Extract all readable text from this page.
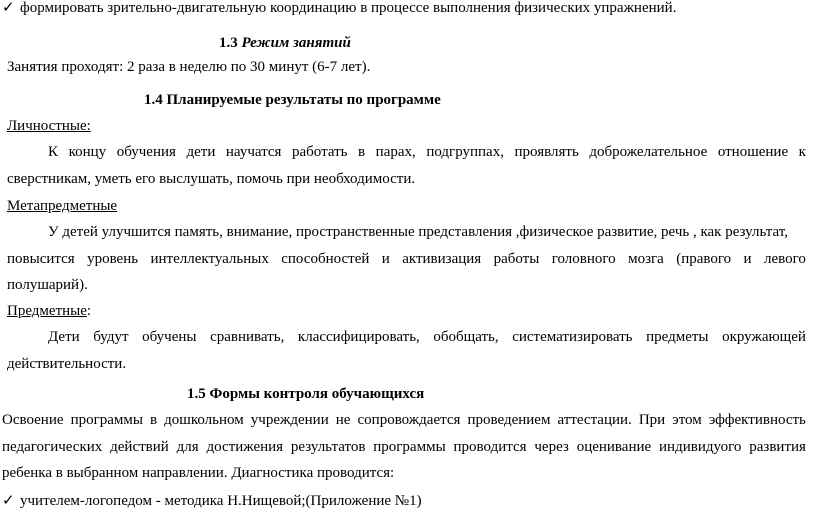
✓ формировать зрительно-двигательную координацию в процессе выполнения физических упражнений.
1.3 Режим занятий
Занятия проходят: 2 раза в неделю по 30 минут (6-7 лет).
1.4 Планируемые результаты по программе
Личностные:
К концу обучения дети научатся работать в парах, подгруппах, проявлять доброжелательное отношение к
сверстникам, уметь его выслушать, помочь при необходимости.
Метапредметные
У детей улучшится память, внимание, пространственные представления ,физическое развитие, речь , как результат,
повысится уровень интеллектуальных способностей и активизация работы головного мозга (правого и левого
полушарий).
Предметные:
Дети будут обучены сравнивать, классифицировать, обобщать, систематизировать предметы окружающей
действительности.
1.5 Формы контроля обучающихся
Освоение программы в дошкольном учреждении не сопровождается проведением аттестации. При этом эффективность
педагогических действий для достижения результатов программы проводится через оценивание индивидуого развития
ребенка в выбранном направлении. Диагностика проводится:
✓ учителем-логопедом - методика Н.Нищевой;(Приложение №1)
